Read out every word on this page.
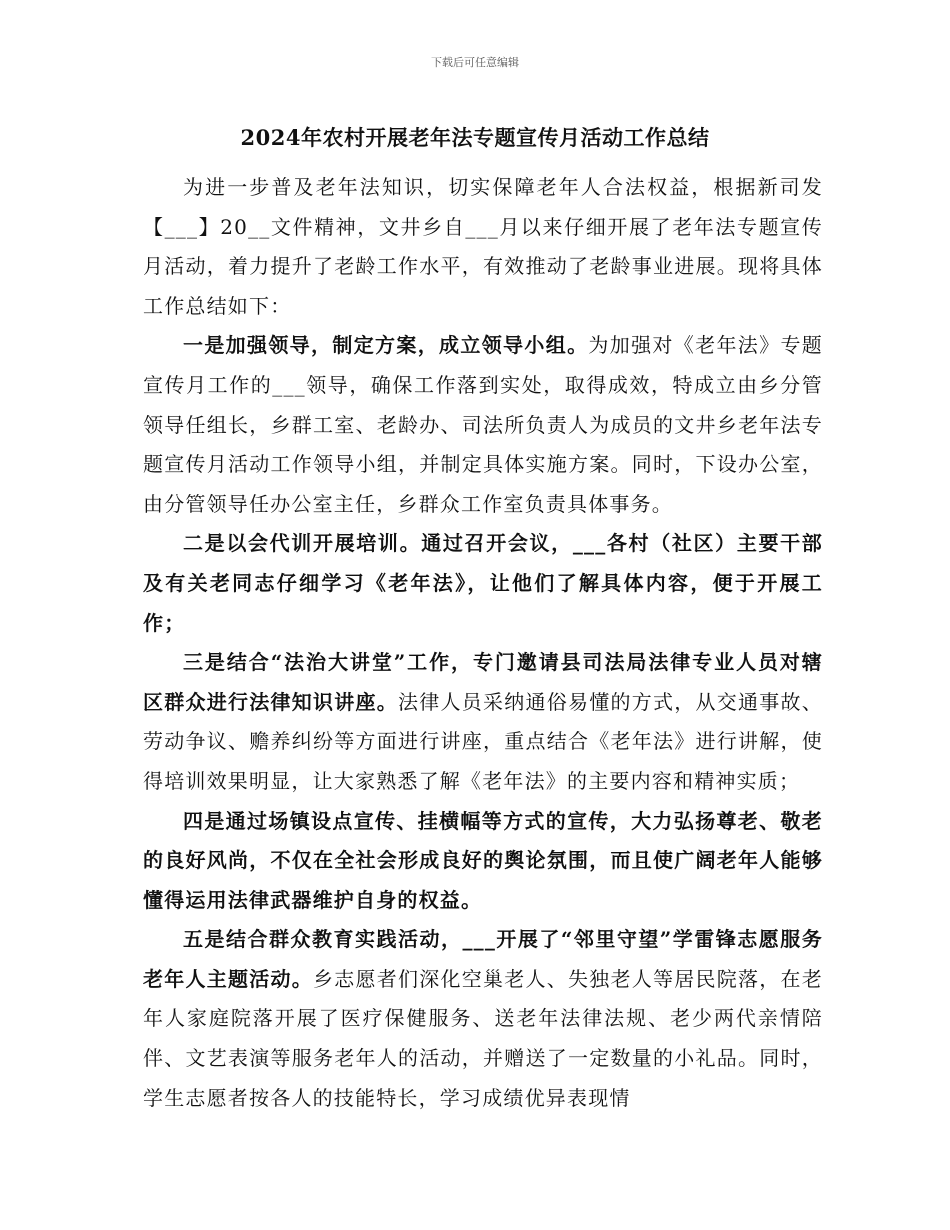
下载后可任意编辑
2024年农村开展老年法专题宣传月活动工作总结

为进一步普及老年法知识，切实保障老年人合法权益，根据新司发【___】20__文件精神，文井乡自___月以来仔细开展了老年法专题宣传月活动，着力提升了老龄工作水平，有效推动了老龄事业进展。现将具体工作总结如下：

一是加强领导，制定方案，成立领导小组。为加强对《老年法》专题宣传月工作的___领导，确保工作落到实处，取得成效，特成立由乡分管领导任组长，乡群工室、老龄办、司法所负责人为成员的文井乡老年法专题宣传月活动工作领导小组，并制定具体实施方案。同时，下设办公室，由分管领导任办公室主任，乡群众工作室负责具体事务。

二是以会代训开展培训。通过召开会议，___各村（社区）主要干部及有关老同志仔细学习《老年法》，让他们了解具体内容，便于开展工作；

三是结合“法治大讲堂”工作，专门邀请县司法局法律专业人员对辖区群众进行法律知识讲座。法律人员采纳通俗易懂的方式，从交通事故、劳动争议、赡养纠纷等方面进行讲座，重点结合《老年法》进行讲解，使得培训效果明显，让大家熟悉了解《老年法》的主要内容和精神实质；

四是通过场镇设点宣传、挂横幅等方式的宣传，大力弘扬尊老、敬老的良好风尚，不仅在全社会形成良好的舆论氛围，而且使广阔老年人能够懂得运用法律武器维护自身的权益。

五是结合群众教育实践活动，___开展了“邻里守望”学雷锋志愿服务老年人主题活动。乡志愿者们深化空巢老人、失独老人等居民院落，在老年人家庭院落开展了医疗保健服务、送老年法律法规、老少两代亲情陪伴、文艺表演等服务老年人的活动，并赠送了一定数量的小礼品。同时，学生志愿者按各人的技能特长，学习成绩优异表现情
